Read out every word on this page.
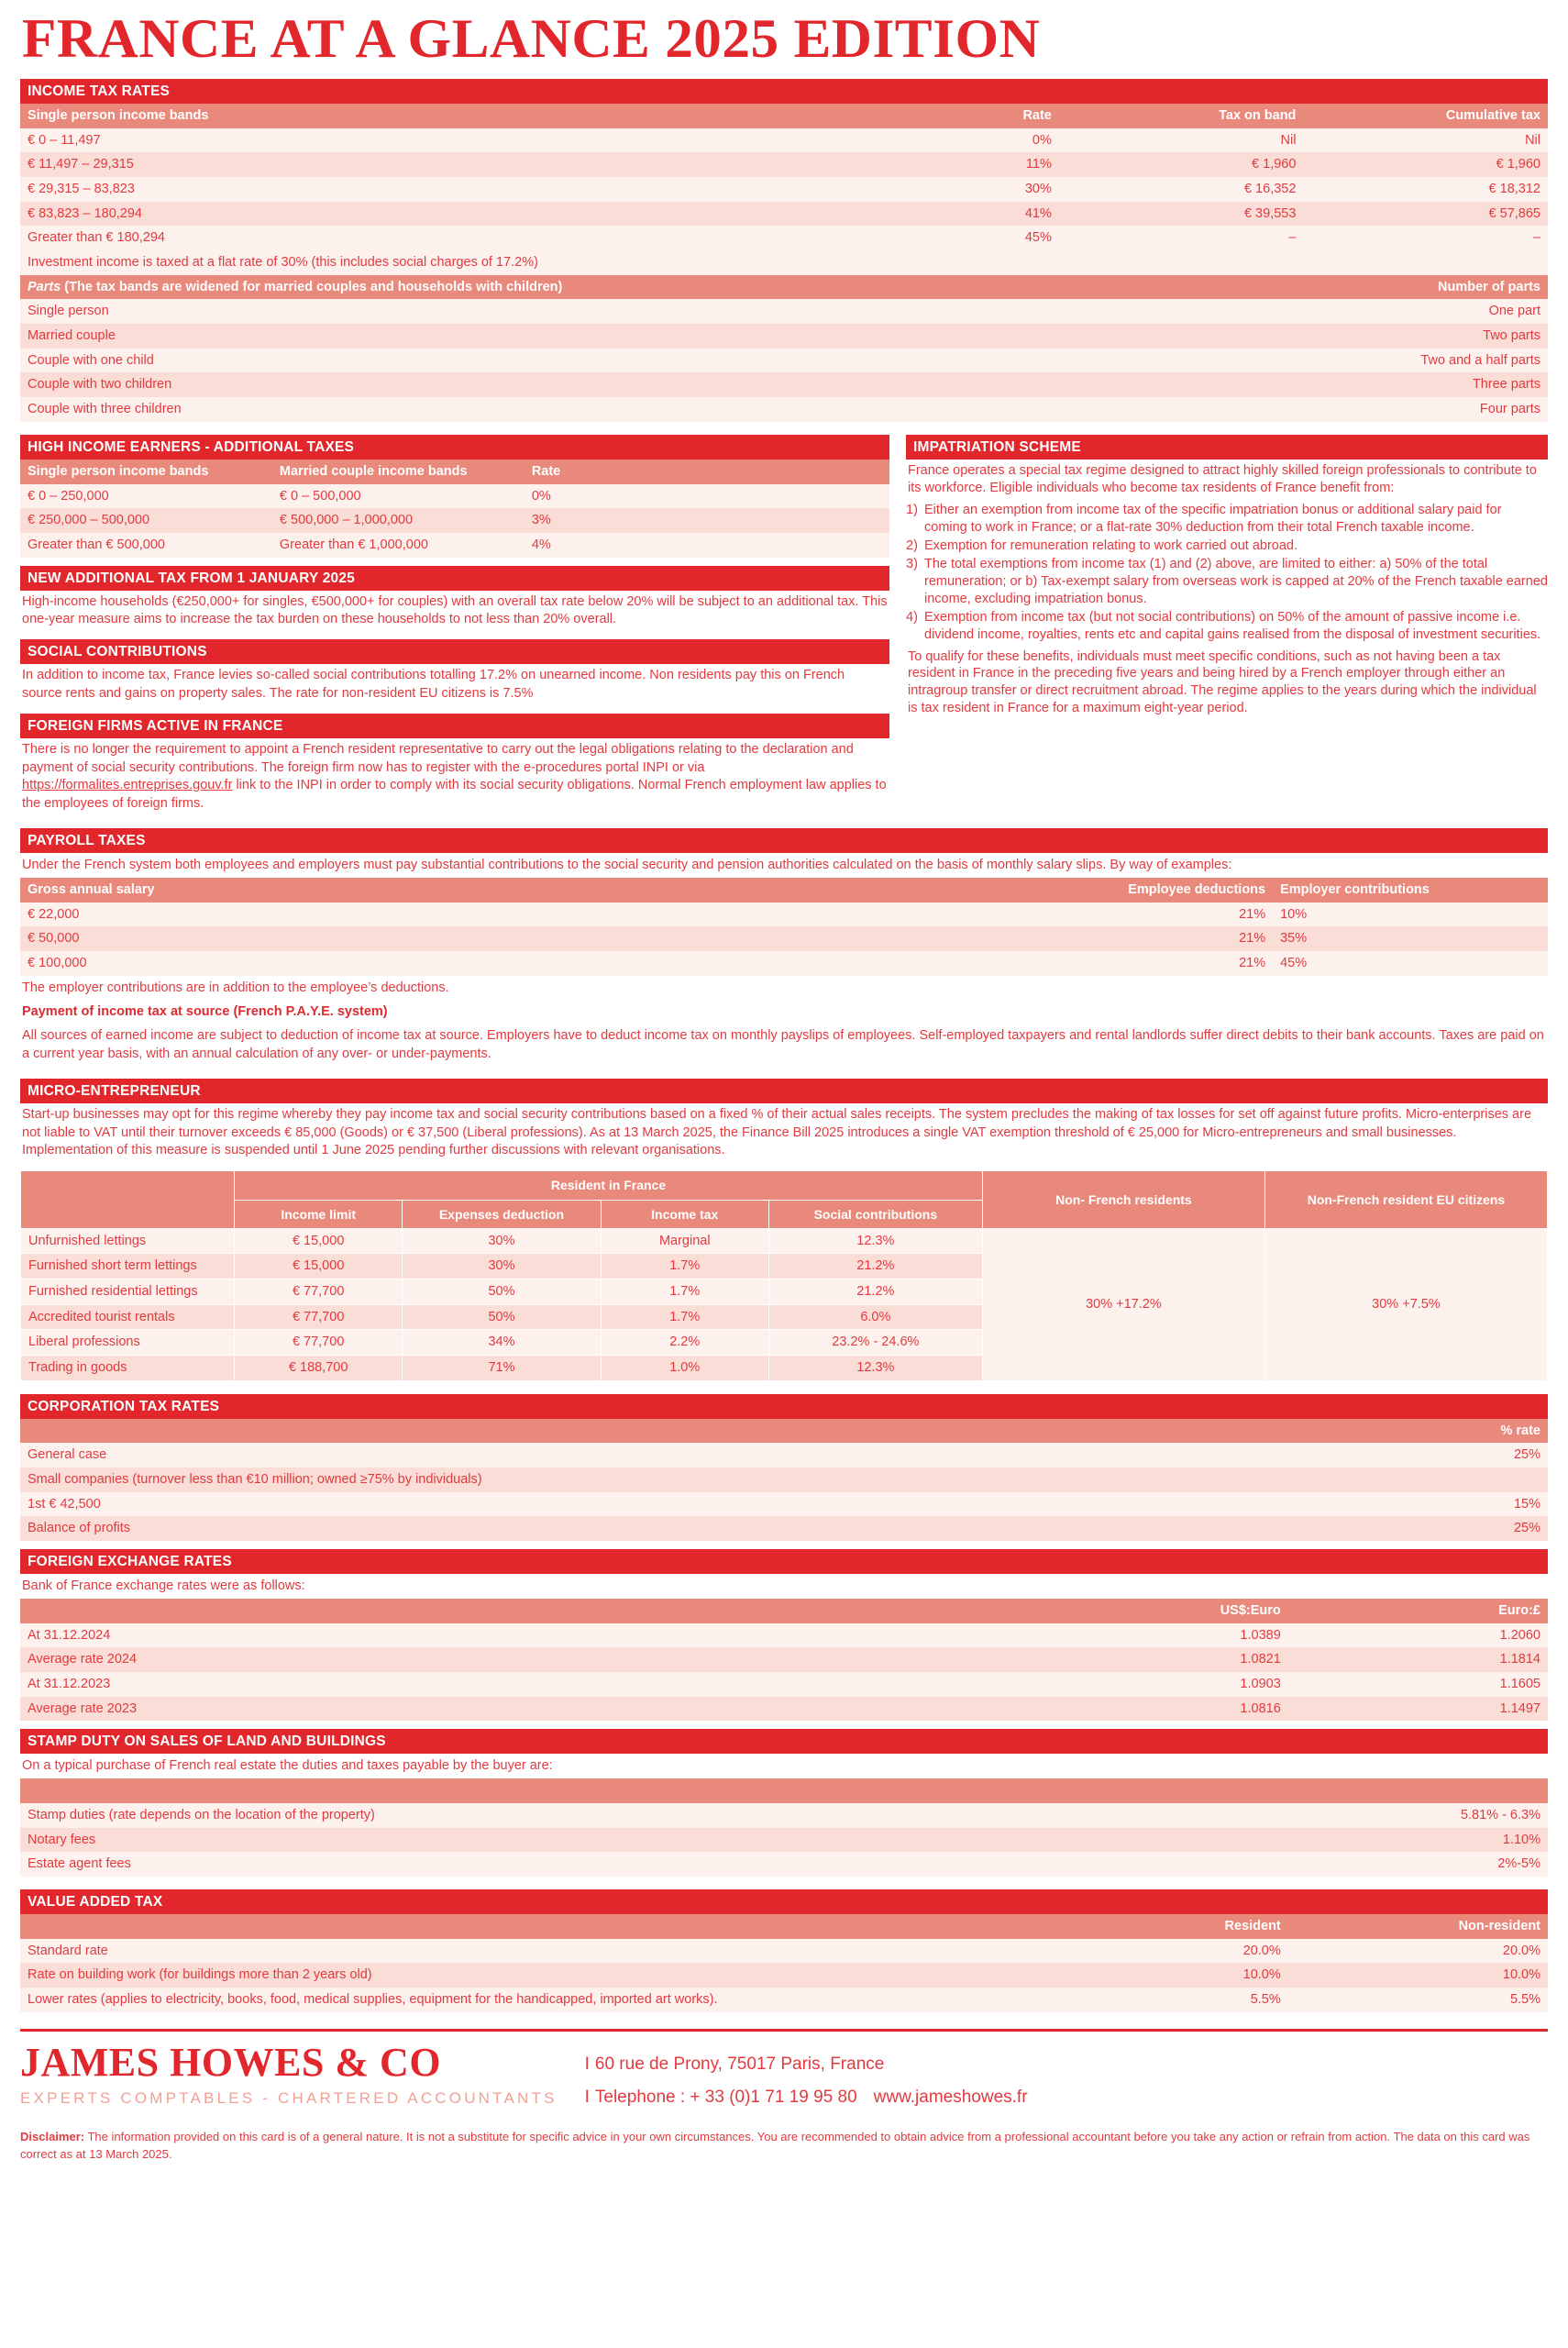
FRANCE AT A GLANCE 2025 EDITION
INCOME TAX RATES
Single person income bands	Rate	Tax on band	Cumulative tax
€ 0 – 11,497	0%	Nil	Nil
€ 11,497 – 29,315	11%	€ 1,960	€ 1,960
€ 29,315 – 83,823	30%	€ 16,352	€ 18,312
€ 83,823 – 180,294	41%	€ 39,553	€ 57,865
Greater than € 180,294	45%	–	–
Investment income is taxed at a flat rate of 30% (this includes social charges of 17.2%)			
Parts (The tax bands are widened for married couples and households with children)	Number of parts
Single person	One part
Married couple	Two parts
Couple with one child	Two and a half parts
Couple with two children	Three parts
Couple with three children	Four parts
HIGH INCOME EARNERS - ADDITIONAL TAXES
Single person income bands	Married couple income bands	Rate
€ 0 – 250,000	€ 0 – 500,000	0%
€ 250,000 – 500,000	€ 500,000 – 1,000,000	3%
Greater than € 500,000	Greater than € 1,000,000	4%
NEW ADDITIONAL TAX FROM 1 JANUARY 2025
High-income households (€250,000+ for singles, €500,000+ for couples) with an overall tax rate below 20% will be subject to an additional tax. This one-year measure aims to increase the tax burden on these households to not less than 20% overall.
SOCIAL CONTRIBUTIONS
In addition to income tax, France levies so-called social contributions totalling 17.2% on unearned income. Non residents pay this on French source rents and gains on property sales. The rate for non-resident EU citizens is 7.5%
FOREIGN FIRMS ACTIVE IN FRANCE
There is no longer the requirement to appoint a French resident representative to carry out the legal obligations relating to the declaration and payment of social security contributions. The foreign firm now has to register with the e-procedures portal INPI or via https://formalites.entreprises.gouv.fr link to the INPI in order to comply with its social security obligations. Normal French employment law applies to the employees of foreign firms.
IMPATRIATION SCHEME
France operates a special tax regime designed to attract highly skilled foreign professionals to contribute to its workforce. Eligible individuals who become tax residents of France benefit from:
1) Either an exemption from income tax of the specific impatriation bonus or additional salary paid for coming to work in France; or a flat-rate 30% deduction from their total French taxable income.
2) Exemption for remuneration relating to work carried out abroad.
3) The total exemptions from income tax (1) and (2) above, are limited to either: a) 50% of the total remuneration; or b) Tax-exempt salary from overseas work is capped at 20% of the French taxable earned income, excluding impatriation bonus.
4) Exemption from income tax (but not social contributions) on 50% of the amount of passive income i.e. dividend income, royalties, rents etc and capital gains realised from the disposal of investment securities.
To qualify for these benefits, individuals must meet specific conditions, such as not having been a tax resident in France in the preceding five years and being hired by a French employer through either an intragroup transfer or direct recruitment abroad. The regime applies to the years during which the individual is tax resident in France for a maximum eight-year period.
PAYROLL TAXES
Under the French system both employees and employers must pay substantial contributions to the social security and pension authorities calculated on the basis of monthly salary slips. By way of examples:
Gross annual salary	Employee deductions	Employer contributions
€ 22,000	21%	10%
€ 50,000	21%	35%
€ 100,000	21%	45%
The employer contributions are in addition to the employee’s deductions.
Payment of income tax at source (French P.A.Y.E. system)
All sources of earned income are subject to deduction of income tax at source. Employers have to deduct income tax on monthly payslips of employees. Self-employed taxpayers and rental landlords suffer direct debits to their bank accounts. Taxes are paid on a current year basis, with an annual calculation of any over- or under-payments.
MICRO-ENTREPRENEUR
Start-up businesses may opt for this regime whereby they pay income tax and social security contributions based on a fixed % of their actual sales receipts. The system precludes the making of tax losses for set off against future profits. Micro-enterprises are not liable to VAT until their turnover exceeds € 85,000 (Goods) or € 37,500 (Liberal professions). As at 13 March 2025, the Finance Bill 2025 introduces a single VAT exemption threshold of € 25,000 for Micro-entrepreneurs and small businesses. Implementation of this measure is suspended until 1 June 2025 pending further discussions with relevant organisations.
	Resident in France				Non- French residents	Non-French resident EU citizens
	Income limit	Expenses deduction	Income tax	Social contributions		
Unfurnished lettings	€ 15,000	30%	Marginal	12.3%	30% +17.2%	30% +7.5%
Furnished short term lettings	€ 15,000	30%	1.7%	21.2%		
Furnished residential lettings	€ 77,700	50%	1.7%	21.2%		
Accredited tourist rentals	€ 77,700	50%	1.7%	6.0%		
Liberal professions	€ 77,700	34%	2.2%	23.2% - 24.6%		
Trading in goods	€ 188,700	71%	1.0%	12.3%		
CORPORATION TAX RATES
	% rate
General case	25%
Small companies (turnover less than €10 million; owned ≥75% by individuals)	
1st € 42,500	15%
Balance of profits	25%
FOREIGN EXCHANGE RATES
Bank of France exchange rates were as follows:
	US$:Euro	Euro:£
At 31.12.2024	1.0389	1.2060
Average rate 2024	1.0821	1.1814
At 31.12.2023	1.0903	1.1605
Average rate 2023	1.0816	1.1497
STAMP DUTY ON SALES OF LAND AND BUILDINGS
On a typical purchase of French real estate the duties and taxes payable by the buyer are:

Stamp duties (rate depends on the location of the property)	5.81% - 6.3%
Notary fees	1.10%
Estate agent fees	2%-5%
VALUE ADDED TAX
	Resident	Non-resident
Standard rate	20.0%	20.0%
Rate on building work (for buildings more than 2 years old)	10.0%	10.0%
Lower rates (applies to electricity, books, food, medical supplies, equipment for the handicapped, imported art works).	5.5%	5.5%
JAMES HOWES & CO
EXPERTS COMPTABLES - CHARTERED ACCOUNTANTS
I 60 rue de Prony, 75017 Paris, France
I Telephone : + 33 (0)1 71 19 95 80 www.jameshowes.fr
Disclaimer: The information provided on this card is of a general nature. It is not a substitute for specific advice in your own circumstances. You are recommended to obtain advice from a professional accountant before you take any action or refrain from action. The data on this card was correct as at 13 March 2025.
